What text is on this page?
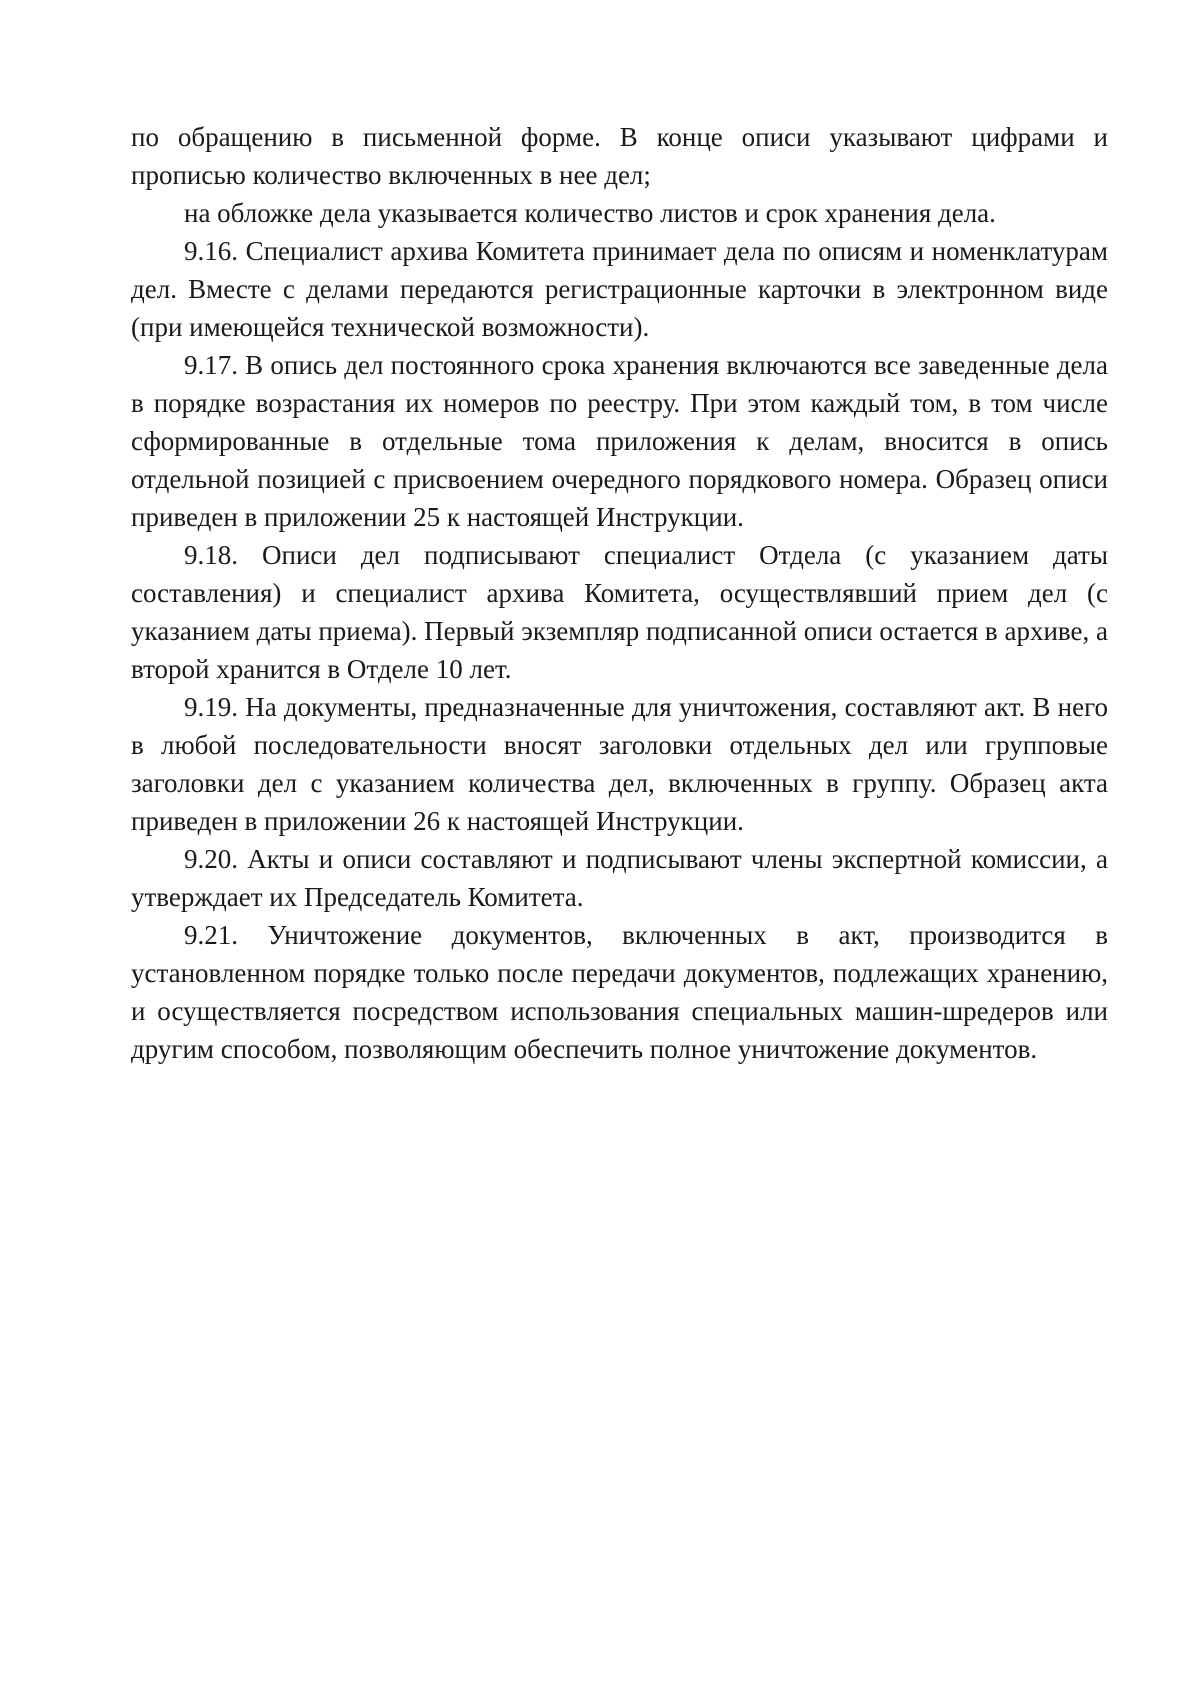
по обращению в письменной форме. В конце описи указывают цифрами и прописью количество включенных в нее дел;

на обложке дела указывается количество листов и срок хранения дела.

9.16. Специалист архива Комитета принимает дела по описям и номенклатурам дел. Вместе с делами передаются регистрационные карточки в электронном виде (при имеющейся технической возможности).

9.17. В опись дел постоянного срока хранения включаются все заведенные дела в порядке возрастания их номеров по реестру. При этом каждый том, в том числе сформированные в отдельные тома приложения к делам, вносится в опись отдельной позицией с присвоением очередного порядкового номера. Образец описи приведен в приложении 25 к настоящей Инструкции.

9.18. Описи дел подписывают специалист Отдела (с указанием даты составления) и специалист архива Комитета, осуществлявший прием дел (с указанием даты приема). Первый экземпляр подписанной описи остается в архиве, а второй хранится в Отделе 10 лет.

9.19. На документы, предназначенные для уничтожения, составляют акт. В него в любой последовательности вносят заголовки отдельных дел или групповые заголовки дел с указанием количества дел, включенных в группу. Образец акта приведен в приложении 26 к настоящей Инструкции.

9.20. Акты и описи составляют и подписывают члены экспертной комиссии, а утверждает их Председатель Комитета.

9.21. Уничтожение документов, включенных в акт, производится в установленном порядке только после передачи документов, подлежащих хранению, и осуществляется посредством использования специальных машин-шредеров или другим способом, позволяющим обеспечить полное уничтожение документов.
